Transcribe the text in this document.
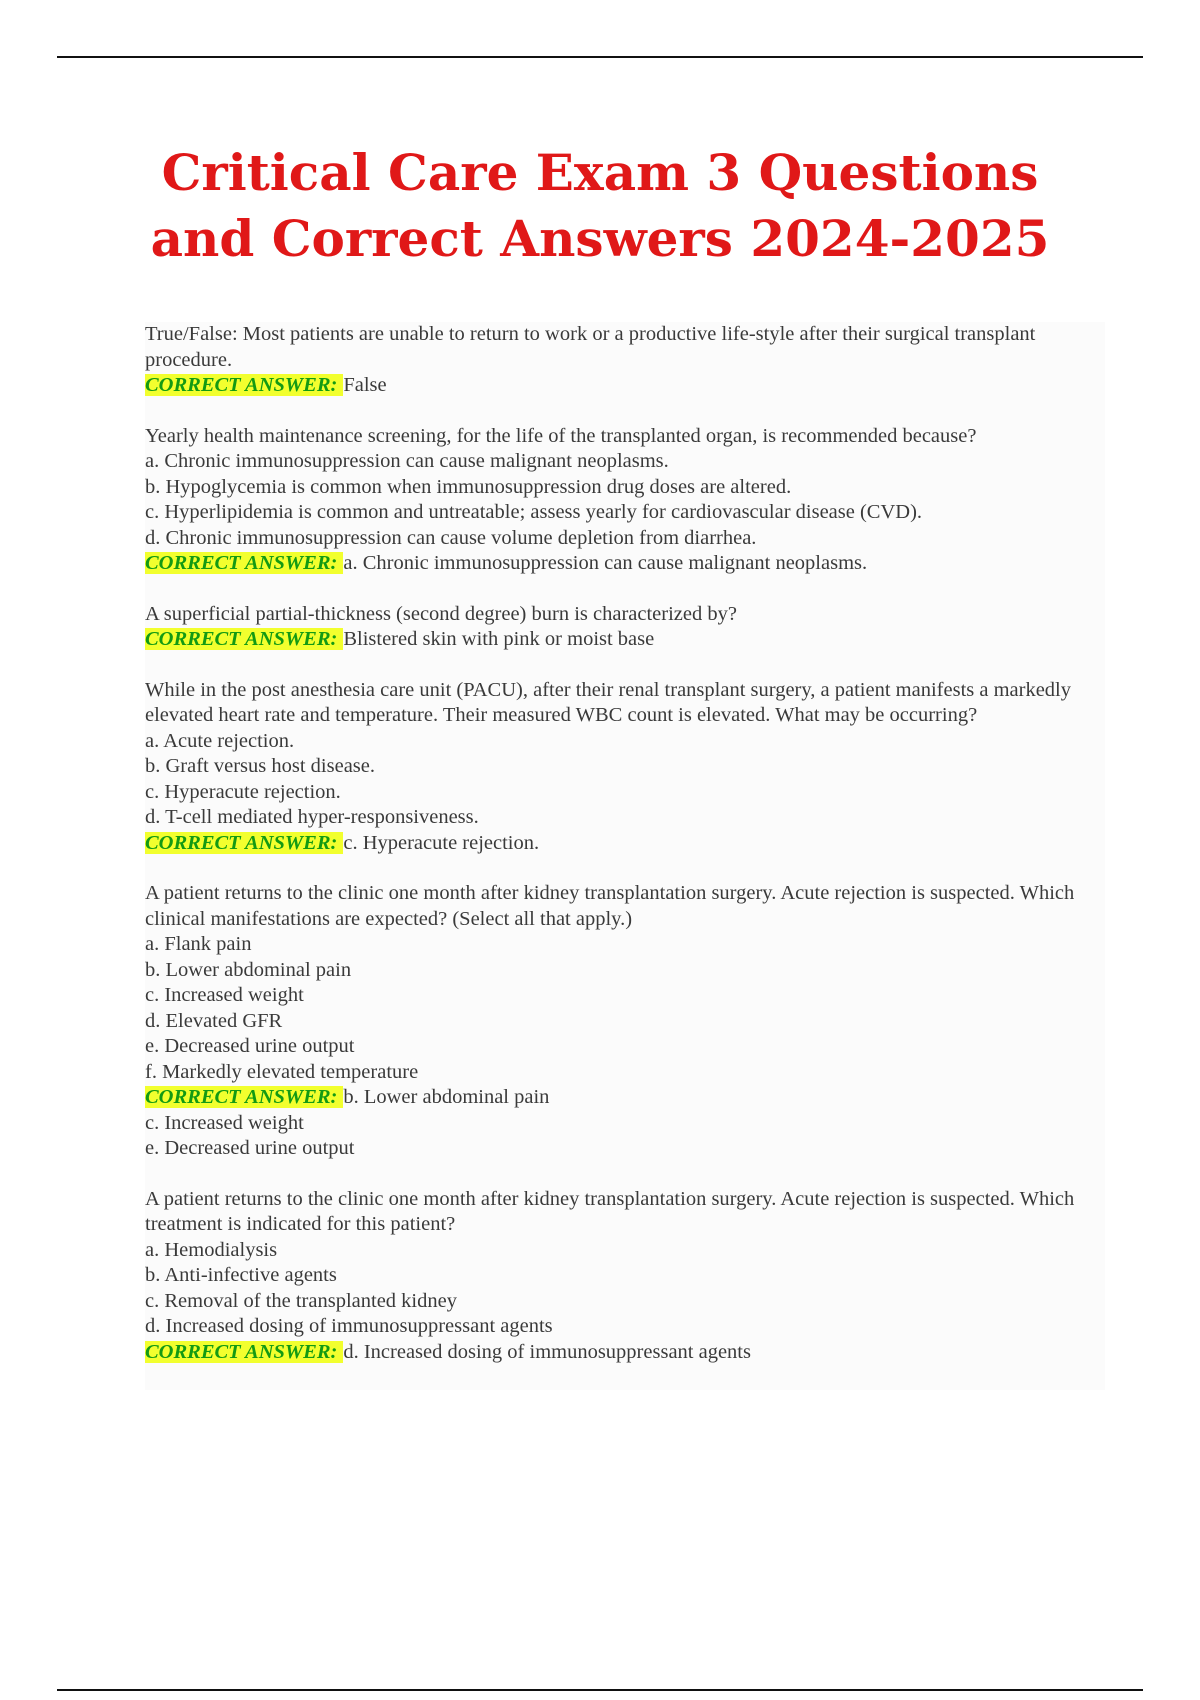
Critical Care Exam 3 Questions
and Correct Answers 2024-2025

True/False: Most patients are unable to return to work or a productive life-style after their surgical transplant procedure.

CORRECT ANSWER: False

Yearly health maintenance screening, for the life of the transplanted organ, is recommended because?

a. Chronic immunosuppression can cause malignant neoplasms.

b. Hypoglycemia is common when immunosuppression drug doses are altered.

c. Hyperlipidemia is common and untreatable; assess yearly for cardiovascular disease (CVD).

d. Chronic immunosuppression can cause volume depletion from diarrhea.

CORRECT ANSWER: a. Chronic immunosuppression can cause malignant neoplasms.

A superficial partial-thickness (second degree) burn is characterized by?

CORRECT ANSWER: Blistered skin with pink or moist base

While in the post anesthesia care unit (PACU), after their renal transplant surgery, a patient manifests a markedly elevated heart rate and temperature. Their measured WBC count is elevated. What may be occurring?

a. Acute rejection.

b. Graft versus host disease.

c. Hyperacute rejection.

d. T-cell mediated hyper-responsiveness.

CORRECT ANSWER: c. Hyperacute rejection.

A patient returns to the clinic one month after kidney transplantation surgery. Acute rejection is suspected. Which clinical manifestations are expected? (Select all that apply.)

a. Flank pain

b. Lower abdominal pain

c. Increased weight

d. Elevated GFR

e. Decreased urine output

f. Markedly elevated temperature

CORRECT ANSWER: b. Lower abdominal pain

c. Increased weight

e. Decreased urine output

A patient returns to the clinic one month after kidney transplantation surgery. Acute rejection is suspected. Which treatment is indicated for this patient?

a. Hemodialysis

b. Anti-infective agents

c. Removal of the transplanted kidney

d. Increased dosing of immunosuppressant agents

CORRECT ANSWER: d. Increased dosing of immunosuppressant agents
